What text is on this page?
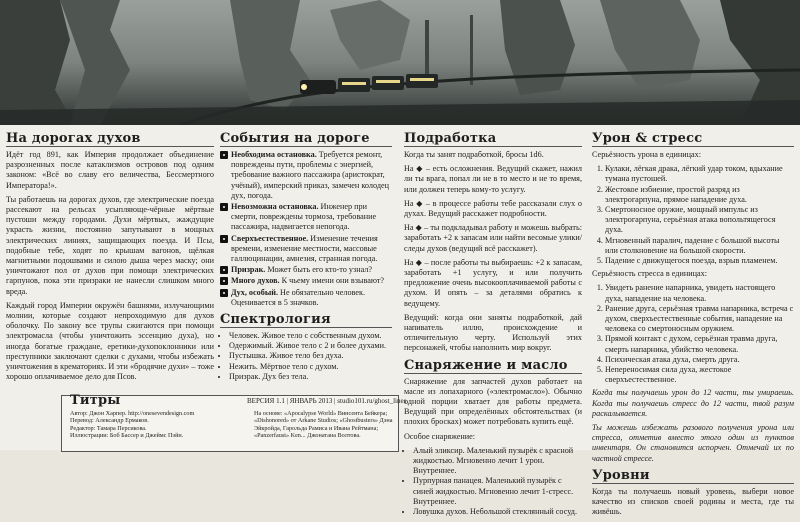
На дорогах духов

Идёт год 891, как Империя продолжает объединение разрозненных после катаклизмов островов под одним законом: «Всё во славу его величества, Бессмертного Императора!».

Ты работаешь на дорогах духов, где электрические поезда рассекают на рельсах усыпляюще-чёрные мёртвые пустоши между городами. Духи мёртвых, жаждущие украсть жизни, постоянно запутывают в мощных электрических линиях, защищающих поезда. И Псы, подобные тебе, ходят по крышам вагонов, щёлкая магнитными подошвами и силою дыша через маску; они уничтожают пол от духов при помощи электрических гарпунов, пока эти призраки не нанесли слишком много вреда.

Каждый город Империи окружён башнями, излучающими молнии, которые создают непроходимую для духов оболочку. По закону все трупы сжигаются при помощи электромасла (чтобы уничтожить эссенцию духа), но иногда богатые граждане, еретики-духопоклонники или преступники заключают сделки с духами, чтобы избежать уничтожения в крематориях. И эти «бродячие духи» – тоже хорошо оплачиваемое дело для Псов.

События на дороге
Необходима остановка. Требуется ремонт, повреждены пути, проблемы с энергией, требование важного пассажира (аристократ, учёный), имперский приказ, замечен колодец дух, погода.
Невозможна остановка. Инженер при смерти, повреждены тормоза, требование пассажира, надвигается непогода.
Сверхъестественное. Изменение течения времени, изменение местности, массовые галлюцинации, амнезия, странная погода.
Призрак. Может быть его кто-то узнал?
Много духов. К чьему имени они взывают?
Дух, особый. Не обязательно человек. Оценивается в 5 значков.
Спектрология
• Человек. Живое тело с собственным духом.
• Одержимый. Живое тело с 2 и более духами.
• Пустышка. Живое тело без духа.
• Нежить. Мёртвое тело с духом.
• Призрак. Дух без тела.
Подработка

Когда ты занят подработкой, бросы 1d6.

На ◆ – есть осложнения. Ведущий скажет, нажил ли ты врага, попал ли не в то место и не то время, или должен теперь кому-то услугу.

На ◆ – в процессе работы тебе рассказали слух о духах. Ведущий расскажет подробности.

На ◆ – ты подкладывал работу и можешь выбрать: заработать +2 к запасам или найти весомые улики/следы духов (ведущий всё расскажет).

На ◆ – после работы ты выбираешь: +2 к запасам, заработать +1 услугу, и или получить предложение очень высокооплачиваемой работы с духом. И опять – за деталями обратись к ведущему.

Ведущий: когда они заняты подработкой, дай напиватель иллю, происхождение и отличительную черту. Используй этих персонажей, чтобы наполнить мир вокруг.

Снаряжение и масло

Снаряжение для запчастей духов работает на масле из лопахарного («электромасло»). Обычно одной порции хватает для работы предмета. Ведущий при определённых обстоятельствах (и плохих бросках) может потребовать купить ещё.

Особое снаряжение:

• Алый эликсир. Маленький пузырёк с красной жидкостью. Мгновенно лечит 1 урон. Внутреннее.
• Пурпурная панацея. Маленький пузырёк с синей жидкостью. Мгновенно лечит 1-стресс. Внутреннее.
• Ловушка духов. Небольшой стеклянный сосуд.
Урон & стресс

Серьёзность урона в единицах:

1. Кулаки, лёгкая драка, лёгкий удар током, вдыхание тумана пустошей.
2. Жестокое избиение, простой разряд из электрогарпуна, прямое нападение духа.
3. Смертоносное оружие, мощный импульс из электрогарпуна, серьёзная атака вопольтящегося духа.
4. Мгновенный паралич, падение с большой высоты или столкновение на большой скорости.
5. Падение с движущегося поезда, взрыв пламенем.

Серьёзность стресса в единицах:

1. Увидеть ранение напарника, увидеть настоящего духа, нападение на человека.
2. Ранение друга, серьёзная травма напарника, встреча с духом, сверхъестественные события, нападение на человека со смертоносным оружием.
3. Прямой контакт с духом, серьёзная травма друга, смерть напарника, убийство человека.
4. Психическая атака духа, смерть друга.
5. Непереносимая сила духа, жестокое сверхъестественное.

Когда ты получаешь урон до 12 части, ты умираешь. Когда ты получаешь стресс до 12 части, твой разум раскалывается.

Ты можешь избежать разового получения урона или стресса, отметив вместо этого один из пунктов инвентаря. Он становится испорчен. Отмечай их по частной стрессе.

Уровни

Когда ты получаешь новый уровень, выбери новое качество из списков своей родины и места, где ты живёшь.

Титры	ВЕРСИЯ 1.1 | ЯНВАРЬ 2013 | studio101.ru/ghost_lines
Автор: Джон Харпер. http://onesevendesign.com
Перевод: Александр Ермаков.
Редактор: Тамара Персикова.
Иллюстрации: Боб Бассер и Джеймс Пэйн.
На основе: «Apocalypse World» Винсента Бейкера;
«Dishonored» от Arkane Studios; «Ghostbusters» Дэна
Эйкройда, Гарольда Рамиса и Ивана Рейтмана;
«Panzerfaust» Ken... Джонатана Волтова.
